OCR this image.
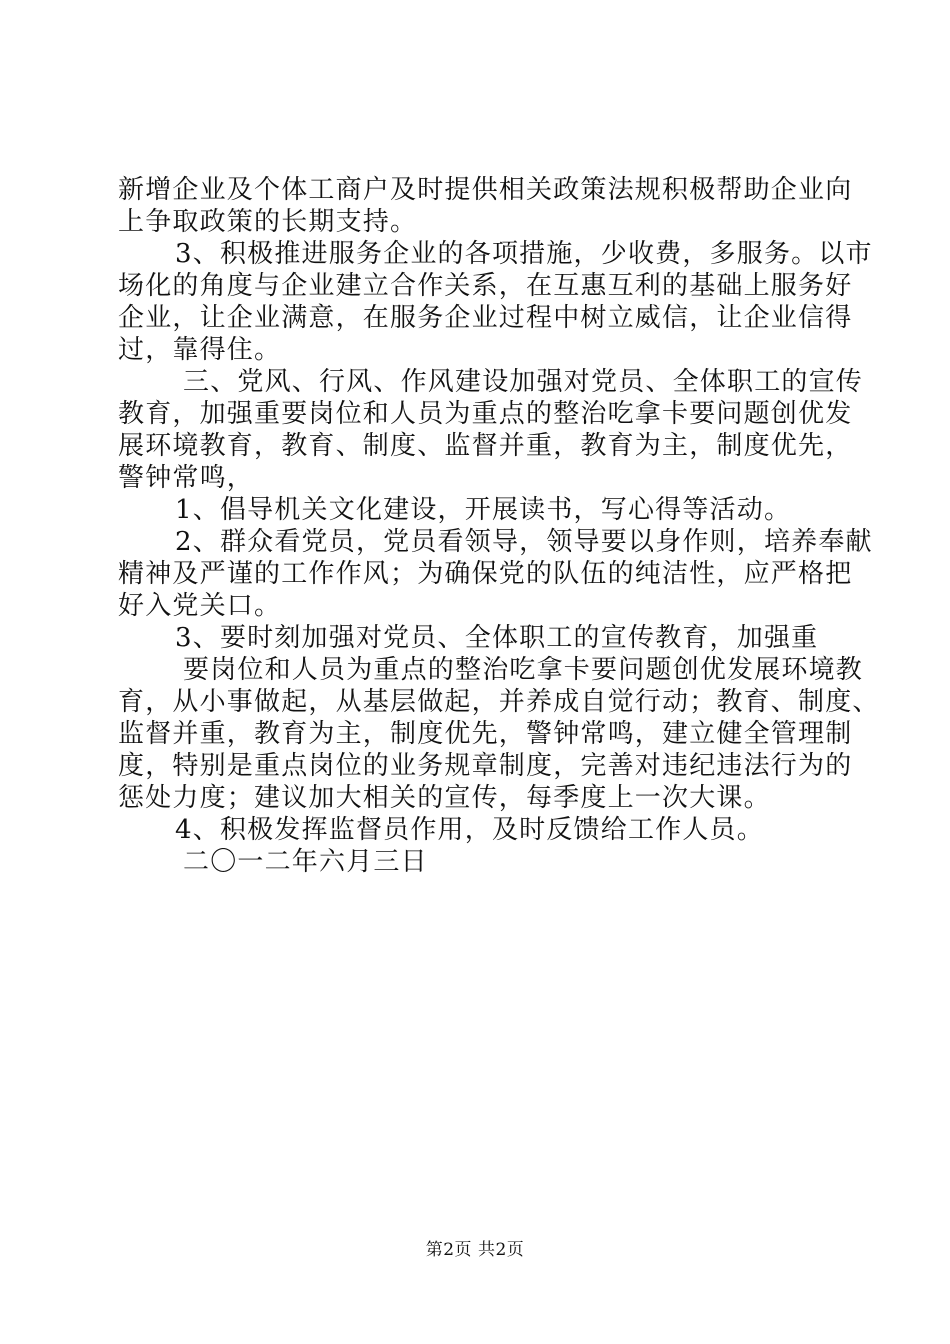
新增企业及个体工商户及时提供相关政策法规积极帮助企业向
上争取政策的长期支持。
3、积极推进服务企业的各项措施，少收费，多服务。以市
场化的角度与企业建立合作关系，在互惠互利的基础上服务好
企业，让企业满意，在服务企业过程中树立威信，让企业信得
过，靠得住。
三、党风、行风、作风建设加强对党员、全体职工的宣传
教育，加强重要岗位和人员为重点的整治吃拿卡要问题创优发
展环境教育，教育、制度、监督并重，教育为主，制度优先，
警钟常鸣，
1、倡导机关文化建设，开展读书，写心得等活动。
2、群众看党员，党员看领导，领导要以身作则，培养奉献
精神及严谨的工作作风；为确保党的队伍的纯洁性，应严格把
好入党关口。
3、要时刻加强对党员、全体职工的宣传教育，加强重
要岗位和人员为重点的整治吃拿卡要问题创优发展环境教
育，从小事做起，从基层做起，并养成自觉行动；教育、制度、
监督并重，教育为主，制度优先，警钟常鸣，建立健全管理制
度，特别是重点岗位的业务规章制度，完善对违纪违法行为的
惩处力度；建议加大相关的宣传，每季度上一次大课。
4、积极发挥监督员作用，及时反馈给工作人员。
二〇一二年六月三日
第2页 共2页
